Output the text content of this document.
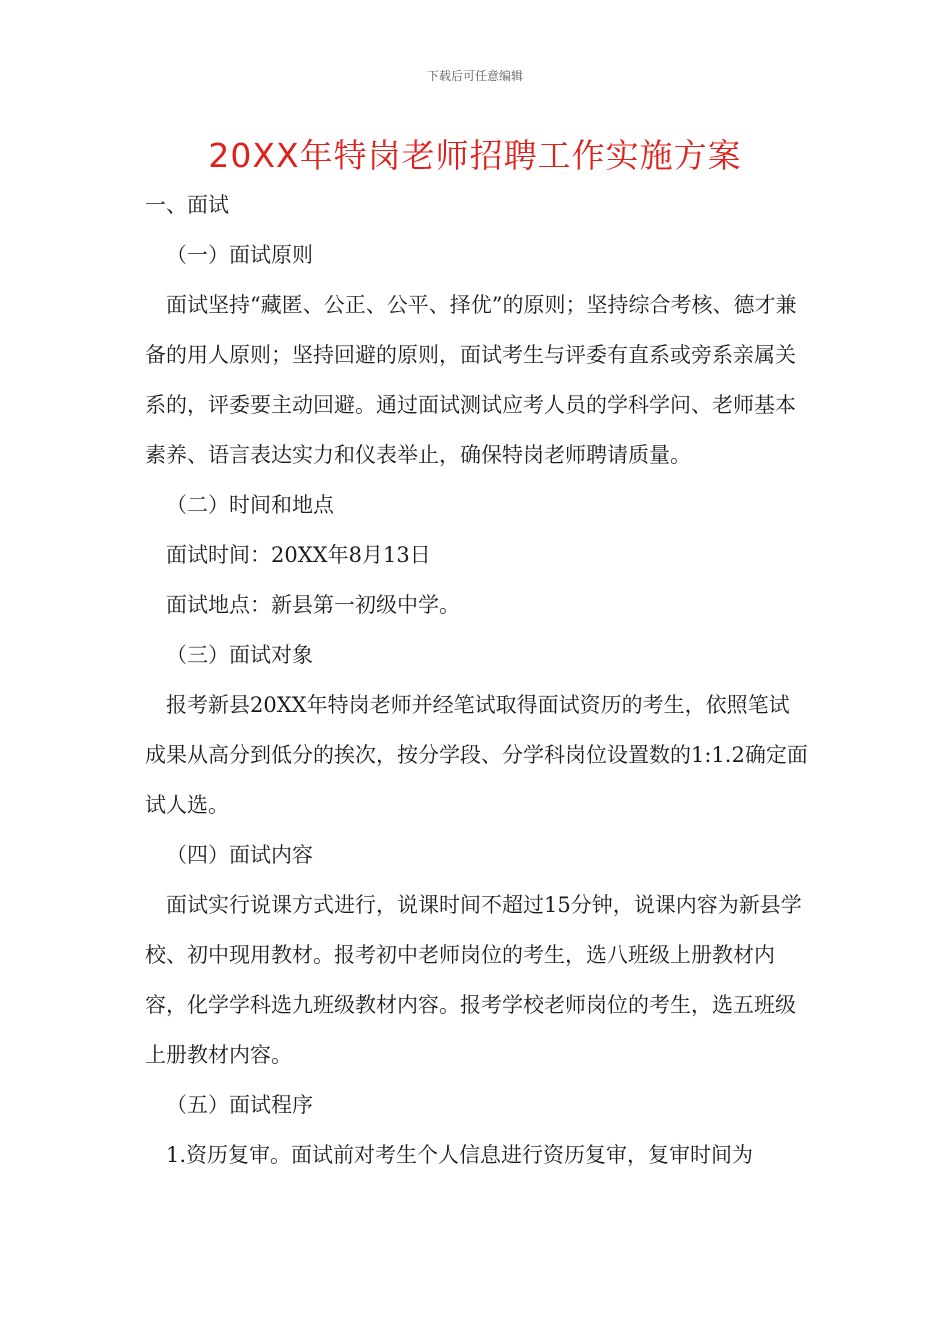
下载后可任意编辑
20XX年特岗老师招聘工作实施方案

一、面试

（一）面试原则

面试坚持“藏匿、公正、公平、择优”的原则；坚持综合考核、德才兼备的用人原则；坚持回避的原则，面试考生与评委有直系或旁系亲属关系的，评委要主动回避。通过面试测试应考人员的学科学问、老师基本素养、语言表达实力和仪表举止，确保特岗老师聘请质量。

（二）时间和地点

面试时间：20XX年8月13日

面试地点：新县第一初级中学。

（三）面试对象

报考新县20XX年特岗老师并经笔试取得面试资历的考生，依照笔试成果从高分到低分的挨次，按分学段、分学科岗位设置数的1:1.2确定面试人选。

（四）面试内容

面试实行说课方式进行，说课时间不超过15分钟，说课内容为新县学校、初中现用教材。报考初中老师岗位的考生，选八班级上册教材内容，化学学科选九班级教材内容。报考学校老师岗位的考生，选五班级上册教材内容。

（五）面试程序

1.资历复审。面试前对考生个人信息进行资历复审，复审时间为
